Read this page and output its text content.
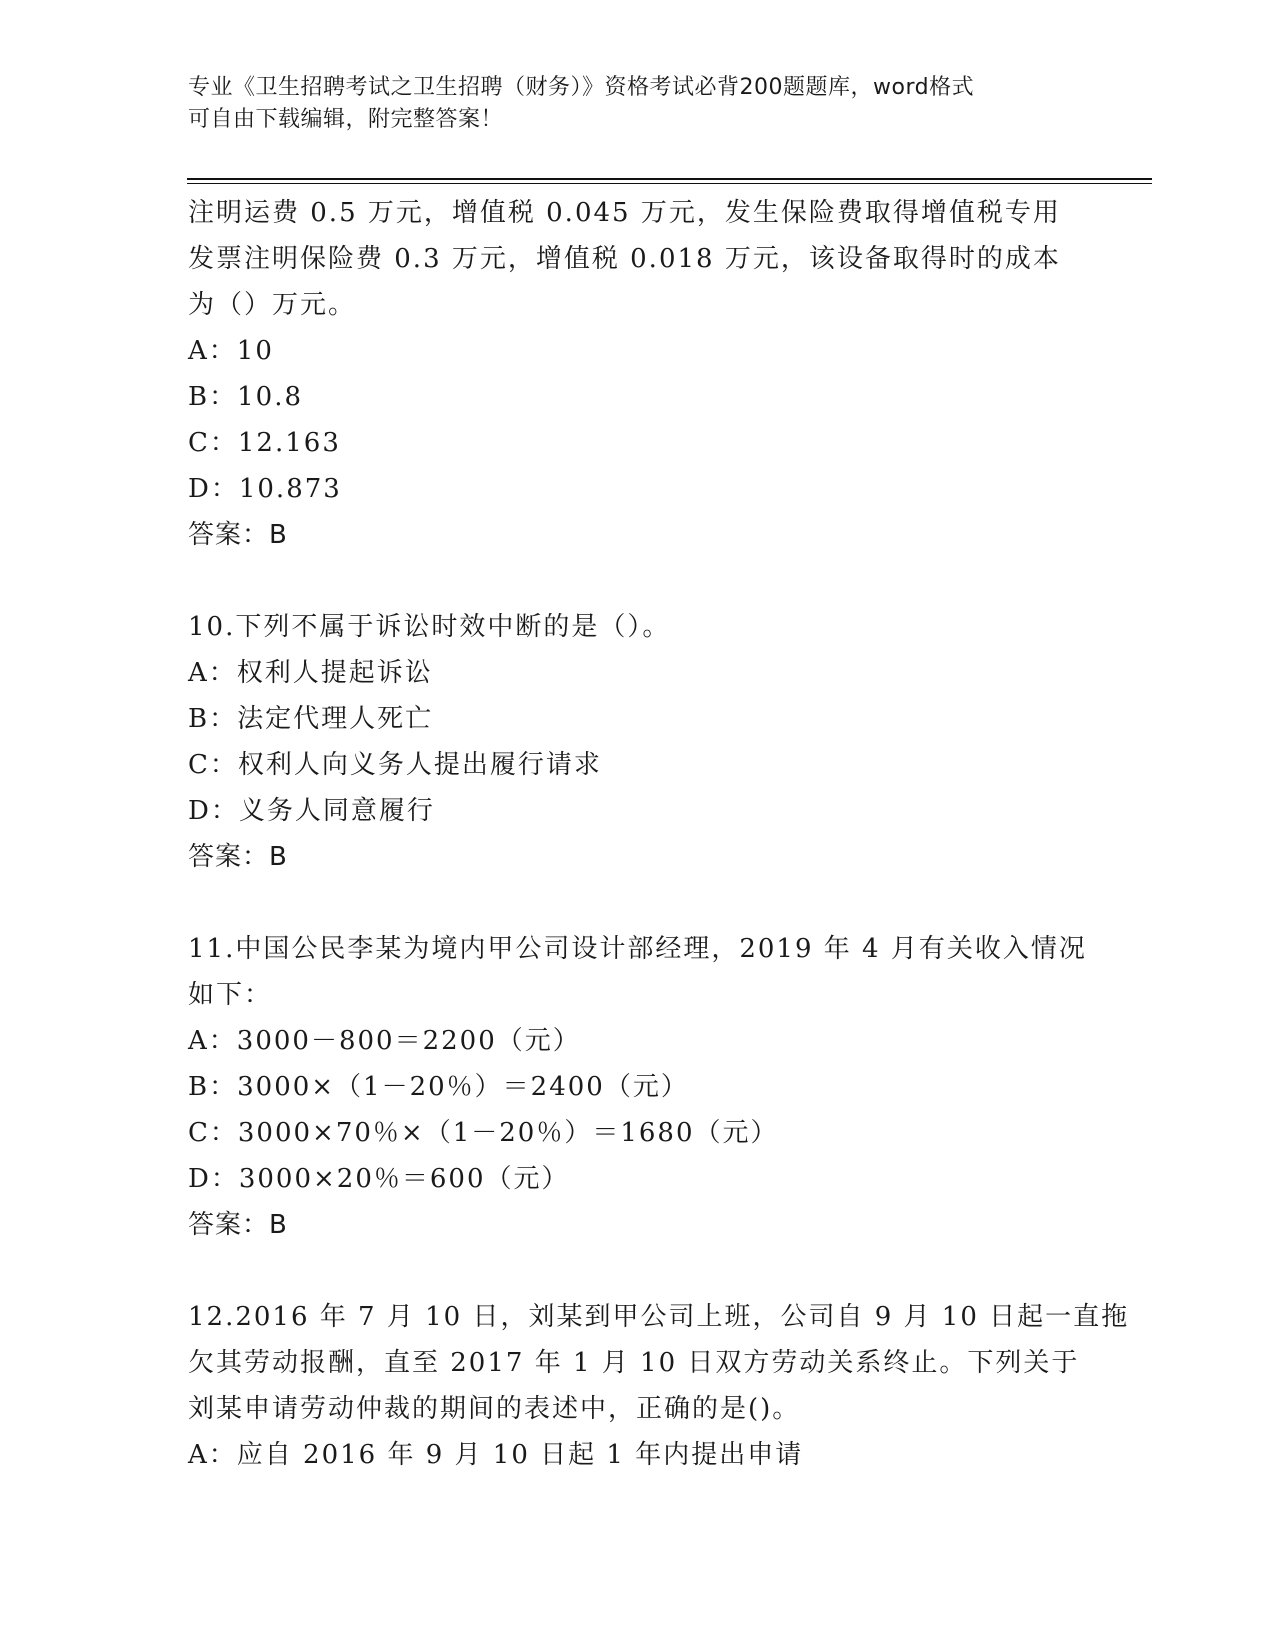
专业《卫生招聘考试之卫生招聘（财务）》资格考试必背200题题库，word格式
可自由下载编辑，附完整答案！
注明运费 0.5 万元，增值税 0.045 万元，发生保险费取得增值税专用
发票注明保险费 0.3 万元，增值税 0.018 万元，该设备取得时的成本
为（）万元。
A：10
B：10.8
C：12.163
D：10.873
答案：B
10.下列不属于诉讼时效中断的是（）。
A：权利人提起诉讼
B：法定代理人死亡
C：权利人向义务人提出履行请求
D：义务人同意履行
答案：B
11.中国公民李某为境内甲公司设计部经理，2019 年 4 月有关收入情况
如下：
A：3000－800＝2200（元）
B：3000×（1－20％）＝2400（元）
C：3000×70％×（1－20％）＝1680（元）
D：3000×20％＝600（元）
答案：B
12.2016 年 7 月 10 日，刘某到甲公司上班，公司自 9 月 10 日起一直拖
欠其劳动报酬，直至 2017 年 1 月 10 日双方劳动关系终止。下列关于
刘某申请劳动仲裁的期间的表述中，正确的是()。
A：应自 2016 年 9 月 10 日起 1 年内提出申请
